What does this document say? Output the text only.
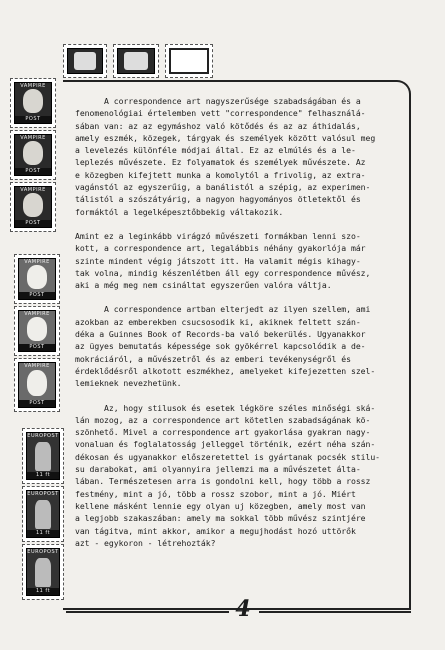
VAMPIRE
POST
VAMPIRE
POST
VAMPIRE
POST
VAMPIRE
POST
VAMPIRE
POST
VAMPIRE
POST
EUROPOST
11 ft
EUROPOST
11 ft
EUROPOST
11 ft
4
A correspondence art nagyszerűsége szabadságában és a
fenomenológiai értelemben vett "correspondence" felhasználá-
sában van: az az egymáshoz való kötődés és az az áthidalás,
amely eszmék, közegek, tárgyak és személyek között valósul meg
a levelezés különféle módjai által. Ez az elmúlés és a le-
leplezés művészete. Ez folyamatok és személyek művészete. Az
e közegben kifejtett munka a komolytól a frivolig, az extra-
vagánstól az egyszerűig, a banálistól a szépig, az experimen-
tálistól a szószátyárig, a nagyon hagyományos ötletektől és
formáktól a legelképesztőbbekig váltakozik.
Amint ez a leginkább virágzó művészeti formákban lenni szo-
kott, a correspondence art, legalábbis néhány gyakorlója már
szinte mindent végig játszott itt. Ha valamit mégis kihagy-
tak volna, mindig készenlétben áll egy correspondence művész,
aki a még meg nem csináltat egyszerűen valóra váltja.
A correspondence artban elterjedt az ilyen szellem, ami
azokban az emberekben csucsosodik ki, akiknek feltett szán-
déka a Guinnes Book of Records-ba való bekerülés. Ugyanakkor
az ügyes bemutatás képessége sok gyökérrel kapcsolódik a de-
mokráciáról, a művészetről és az emberi tevékenységről és
érdeklődésről alkotott eszmékhez, amelyeket kifejezetten szel-
lemieknek nevezhetünk.
Az, hogy stilusok és esetek légköre széles minőségi ská-
lán mozog, az a correspondence art kötetlen szabadságának kö-
szönhető. Mivel a correspondence art gyakorlása gyakran nagy-
vonaluan és foglalatosság jelleggel történik, ezért néha szán-
dékosan és ugyanakkor előszeretettel is gyártanak pocsék stilu-
su darabokat, ami olyannyira jellemzi ma a művészetet álta-
lában. Természetesen arra is gondolni kell, hogy több a rossz
festmény, mint a jó, több a rossz szobor, mint a jó. Miért
kellene másként lennie egy olyan uj közegben, amely most van
a legjobb szakaszában: amely ma sokkal több művész szintjére
van tágitva, mint akkor, amikor a megujhodást hozó uttörők
azt - egykoron - létrehozták?
